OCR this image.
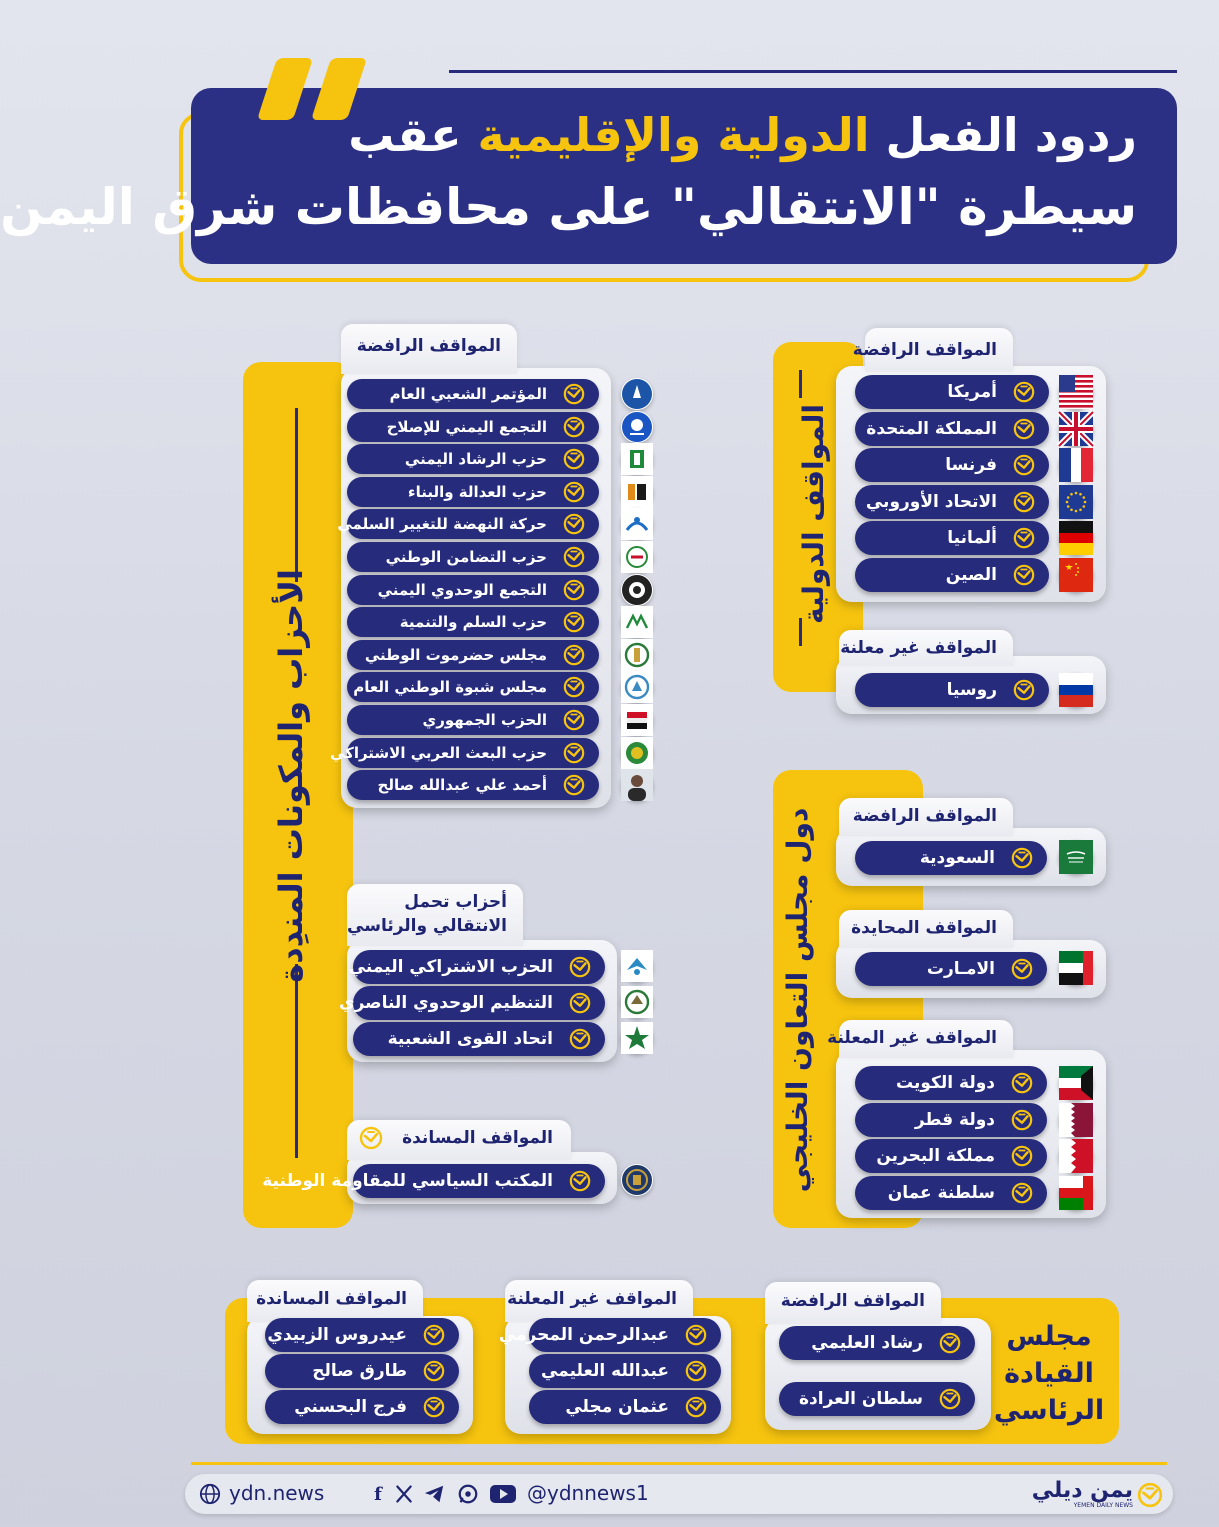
ردود الفعل الدولية والإقليمية عقب
سيطرة "الانتقالي" على محافظات شرق اليمن
المواقف الدولية
المواقف الرافضة
المواقف غير معلنة
دول مجلس التعاون الخليجي	المواقف الرافضة
المواقف المحايدة
المواقف غير المعلنة
الأحزاب والمكونات المندِدة
المواقف الرافضة
أحزاب تحمل
الانتقالي والرئاسي
المواقف المساندة
مجلس
القيادة
الرئاسي
المواقف الرافضة
المواقف غير المعلنة
المواقف المساندة
ydn.news	f	@ydnnews1	يمن ديلي
YEMEN DAILY NEWS
أمريكا
المملكة المتحدة
فرنسا
الاتحاد الأوروبي
ألمانيا
الصين
روسيا
السعودية
الامـارت
دولة الكويت
دولة قطر
مملكة البحرين
سلطنة عمان
المؤتمر الشعبي العام
التجمع اليمني للإصلاح
حزب الرشاد اليمني
حزب العدالة والبناء
حركة النهضة للتغيير السلمي
حزب التضامن الوطني
التجمع الوحدوي اليمني
حزب السلم والتنمية
مجلس حضرموت الوطني
مجلس شبوة الوطني العام
الحزب الجمهوري
حزب البعث العربي الاشتراكي
أحمد علي عبدالله صالح
الحزب الاشتراكي اليمني
التنظيم الوحدوي الناصري
اتحاد القوى الشعبية
المكتب السياسي للمقاومة الوطنية
رشاد العليمي
سلطان العرادة
عبدالرحمن المحرمي
عبدالله العليمي
عثمان مجلي
عيدروس الزبيدي
طارق صالح
فرج البحسني
